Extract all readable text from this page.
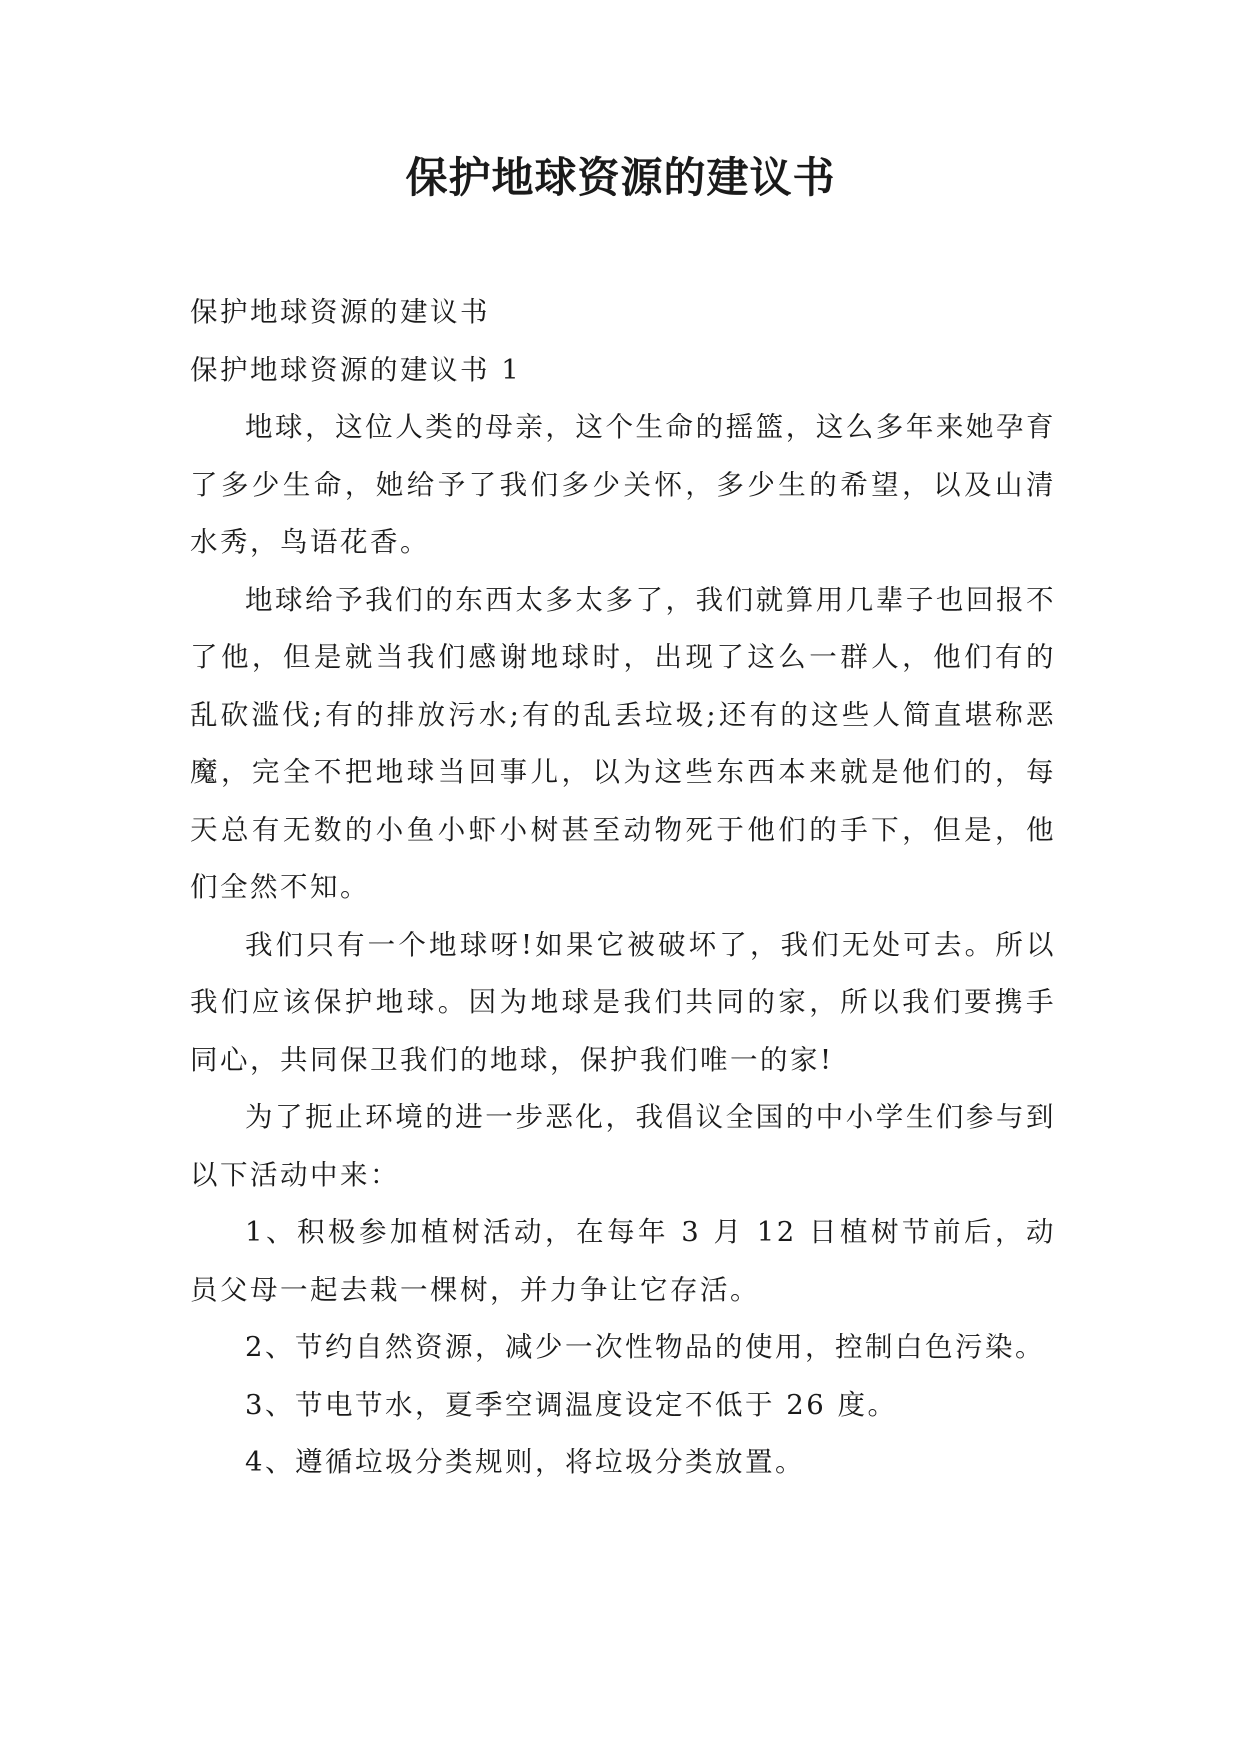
保护地球资源的建议书

保护地球资源的建议书

保护地球资源的建议书 1

地球，这位人类的母亲，这个生命的摇篮，这么多年来她孕育了多少生命，她给予了我们多少关怀，多少生的希望，以及山清水秀，鸟语花香。

地球给予我们的东西太多太多了，我们就算用几辈子也回报不了他，但是就当我们感谢地球时，出现了这么一群人，他们有的乱砍滥伐;有的排放污水;有的乱丢垃圾;还有的这些人简直堪称恶魔，完全不把地球当回事儿，以为这些东西本来就是他们的，每天总有无数的小鱼小虾小树甚至动物死于他们的手下，但是，他们全然不知。

我们只有一个地球呀!如果它被破坏了，我们无处可去。所以我们应该保护地球。因为地球是我们共同的家，所以我们要携手同心，共同保卫我们的地球，保护我们唯一的家!

为了扼止环境的进一步恶化，我倡议全国的中小学生们参与到以下活动中来：

1、积极参加植树活动，在每年 3 月 12 日植树节前后，动员父母一起去栽一棵树，并力争让它存活。

2、节约自然资源，减少一次性物品的使用，控制白色污染。

3、节电节水，夏季空调温度设定不低于 26 度。

4、遵循垃圾分类规则，将垃圾分类放置。
